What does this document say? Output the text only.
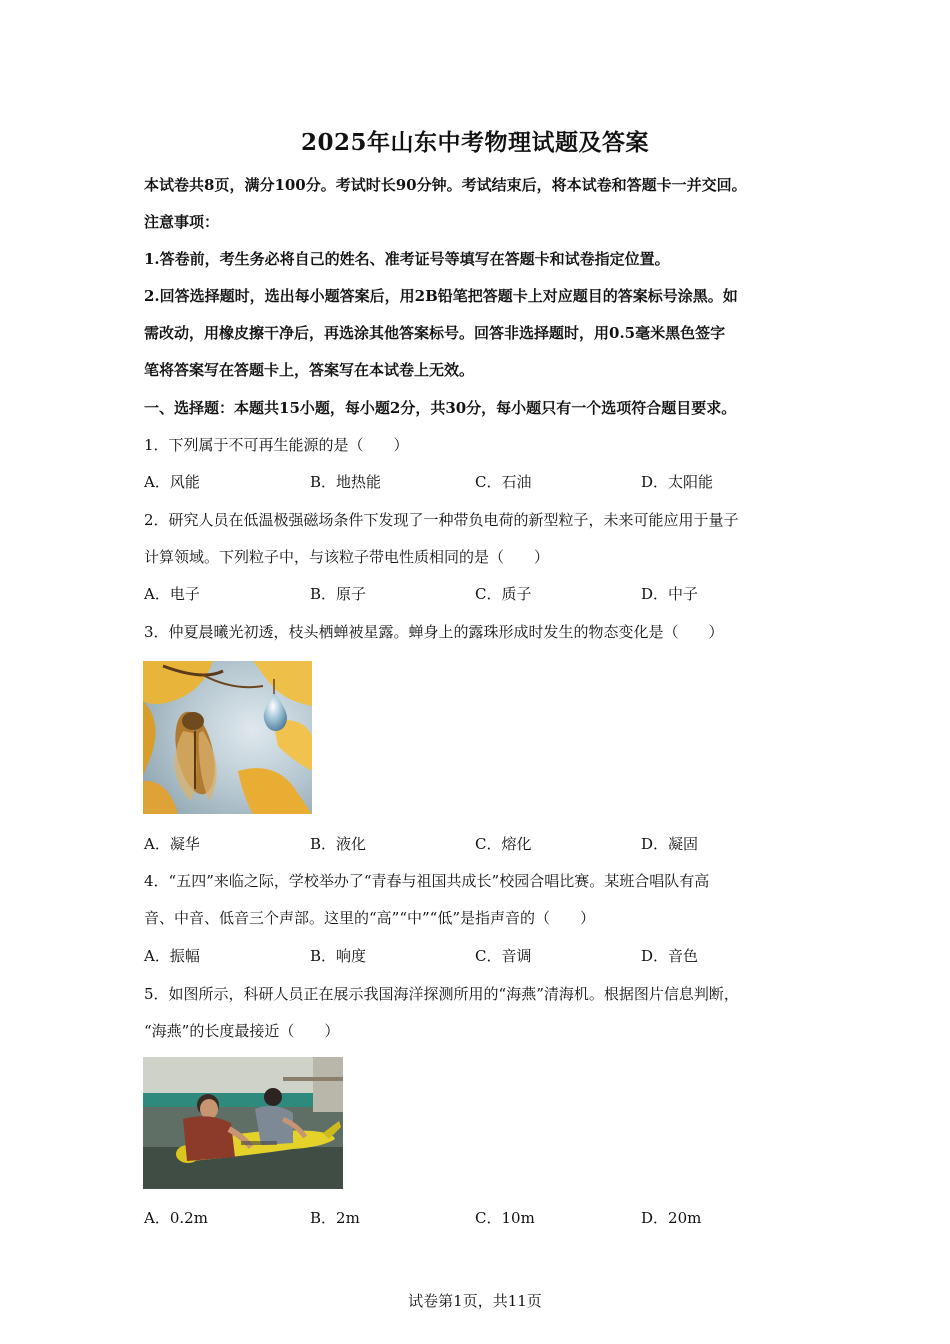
2025年山东中考物理试题及答案
本试卷共8页，满分100分。考试时长90分钟。考试结束后，将本试卷和答题卡一并交回。
注意事项：
1.答卷前，考生务必将自己的姓名、准考证号等填写在答题卡和试卷指定位置。
2.回答选择题时，选出每小题答案后，用2B铅笔把答题卡上对应题目的答案标号涂黑。如
需改动，用橡皮擦干净后，再选涂其他答案标号。回答非选择题时，用0.5毫米黑色签字
笔将答案写在答题卡上，答案写在本试卷上无效。
一、选择题：本题共15小题，每小题2分，共30分，每小题只有一个选项符合题目要求。
1．下列属于不可再生能源的是（　　）
A．风能	B．地热能	C．石油	D．太阳能
2．研究人员在低温极强磁场条件下发现了一种带负电荷的新型粒子，未来可能应用于量子
计算领域。下列粒子中，与该粒子带电性质相同的是（　　）
A．电子	B．原子	C．质子	D．中子
3．仲夏晨曦光初透，枝头栖蝉被星露。蝉身上的露珠形成时发生的物态变化是（　　）
A．凝华	B．液化	C．熔化	D．凝固
4．“五四”来临之际，学校举办了“青春与祖国共成长”校园合唱比赛。某班合唱队有高
音、中音、低音三个声部。这里的“高”“中”“低”是指声音的（　　）
A．振幅	B．响度	C．音调	D．音色
5．如图所示，科研人员正在展示我国海洋探测所用的“海燕”清海机。根据图片信息判断，
“海燕”的长度最接近（　　）
A．0.2m	B．2m	C．10m	D．20m
试卷第1页，共11页
